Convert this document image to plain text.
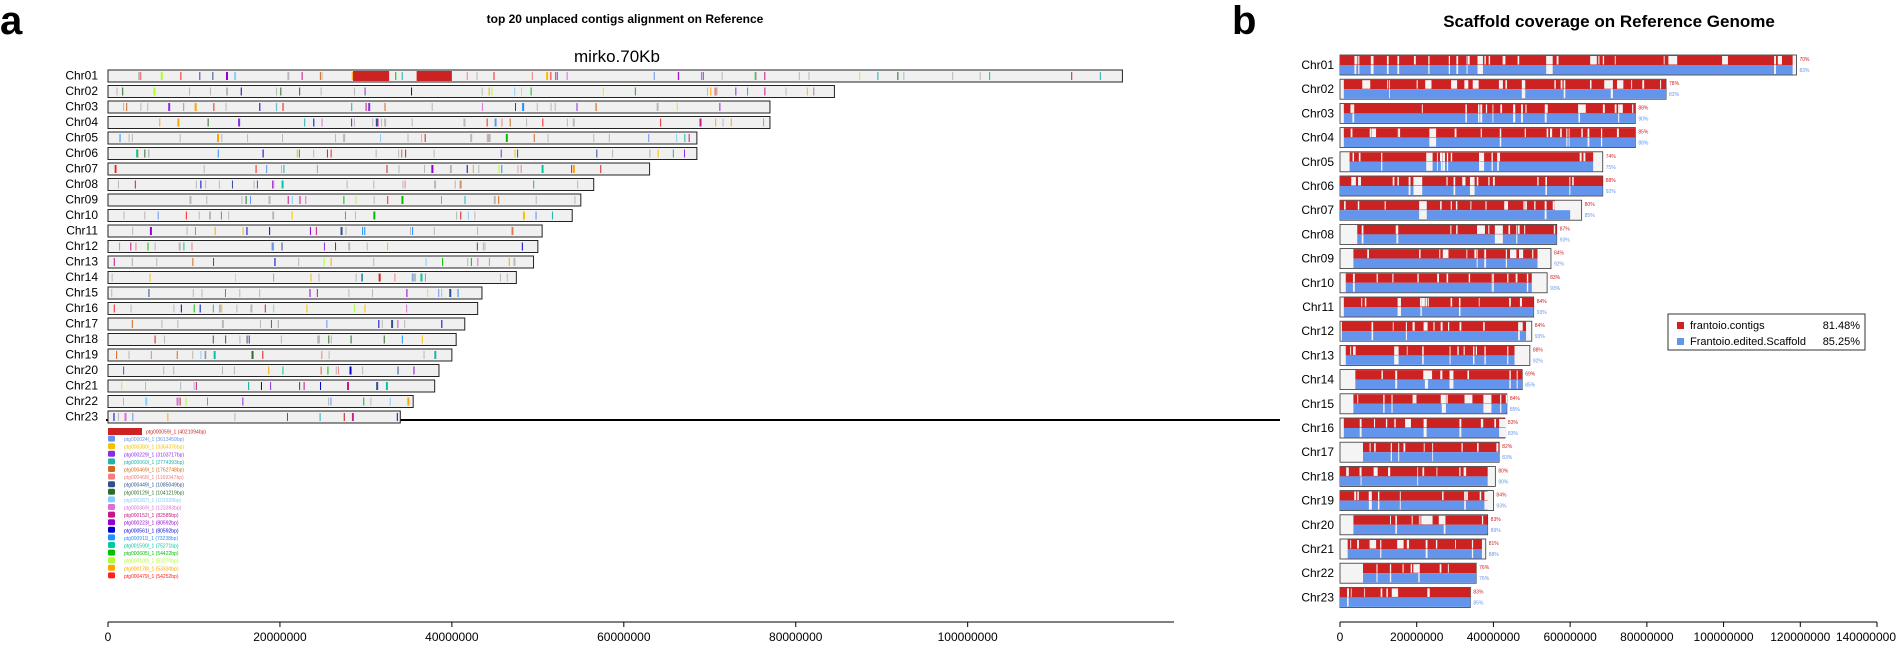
a	top 20 unplaced contigs alignment on Reference
mirko.70Kb
b	Scaffold coverage on Reference Genome
Chr01
Chr02
Chr03
Chr04
Chr05
Chr06
Chr07
Chr08
Chr09
Chr10
Chr11
Chr12
Chr13
Chr14
Chr15
Chr16
Chr17
Chr18
Chr19
Chr20
Chr21
Chr22
Chr23
ptg000059l_1 (4021094bp)
ptg000024l_1 (3613459bp)
ptg000380l_1 (3364376bp)
ptg000229l_1 (3103717bp)
ptg000060l_1 (2774393bp)
ptg000469l_1 (1762748bp)
ptg000468l_1 (1169347bp)
ptg000449l_1 (1085049bp)
ptg000129l_1 (1041219bp)
ptg000287l_1 (102928bp)
ptg000369l_1 (123393bp)
ptg000152l_1 (82585bp)
ptg000223l_1 (80592bp)
ptg000561l_1 (80592bp)
ptg000911l_1 (73238bp)
ptg001590l_1 (75271bp)
ptg000605l_1 (54422bp)
ptg000100l_1 (53270bp)
ptg000178l_1 (53330bp)
ptg000479l_1 (54252bp)
0	20000000	40000000	60000000	80000000	100000000
Chr01	70%
83%
Chr02	78%
83%
Chr03	88%
90%
Chr04	85%
88%
Chr05	74%
75%
Chr06	88%
92%
Chr07	80%
85%
Chr08	87%
93%
Chr09	84%
92%
Chr10	83%
93%
Chr11	84%
93%
Chr12	84%
93%
Chr13	88%
92%
Chr14	69%
85%
Chr15	84%
85%
Chr16	83%
83%
Chr17	82%
83%
Chr18	80%
90%
Chr19	84%
93%
Chr20	83%
89%
Chr21	81%
88%
Chr22	76%
76%
Chr23	83%
85%
frantoio.contigs	81.48%
Frantoio.edited.Scaffold 85.25%
0	20000000 40000000 60000000 80000000 100000000 120000000 140000000
